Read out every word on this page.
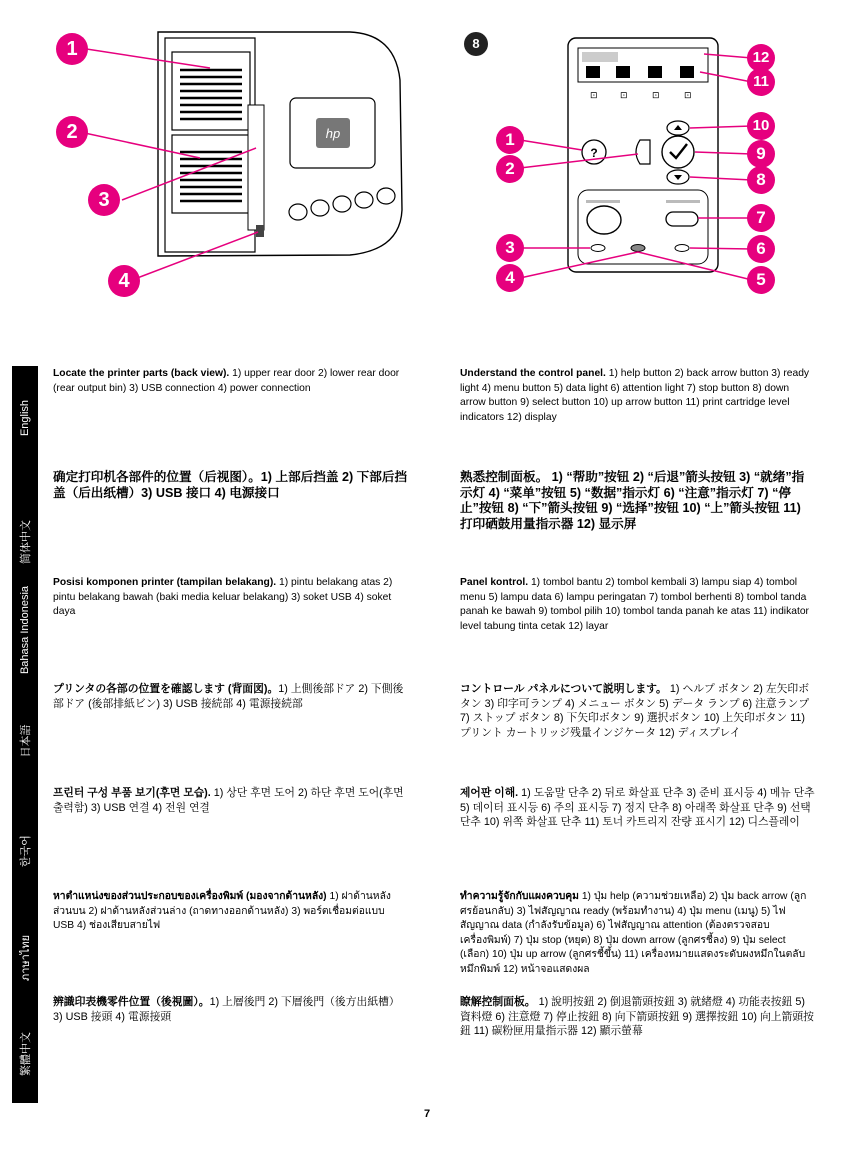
hp
1
2
3
4
8
⊡ ⊡	⊡	⊡
?
1
2
3
4
12
11
10
9
8
7
6
5
English
简体中文
Bahasa Indonesia
日本語
한국어
ภาษาไทย
繁體中文
Locate the printer parts (back view). 1) upper rear door 2) lower rear door (rear output bin) 3) USB connection 4) power connection
Understand the control panel. 1) help button 2) back arrow button 3) ready light 4) menu button 5) data light 6) attention light 7) stop button 8) down arrow button 9) select button 10) up arrow button 11) print cartridge level indicators 12) display
确定打印机各部件的位置（后视图）。1) 上部后挡盖 2) 下部后挡盖（后出纸槽）3) USB 接口 4) 电源接口
熟悉控制面板。 1) “帮助”按钮 2) “后退”箭头按钮 3) “就绪”指示灯 4) “菜单”按钮 5) “数据”指示灯 6) “注意”指示灯 7) “停止”按钮 8) “下”箭头按钮 9) “选择”按钮 10) “上”箭头按钮 11) 打印硒鼓用量指示器 12) 显示屏
Posisi komponen printer (tampilan belakang). 1) pintu belakang atas 2) pintu belakang bawah (baki media keluar belakang) 3) soket USB 4) soket daya
Panel kontrol. 1) tombol bantu 2) tombol kembali 3) lampu siap 4) tombol menu 5) lampu data 6) lampu peringatan 7) tombol berhenti 8) tombol tanda panah ke bawah 9) tombol pilih 10) tombol tanda panah ke atas 11) indikator level tabung tinta cetak 12) layar
プリンタの各部の位置を確認します (背面図)。1) 上側後部ドア 2) 下側後部ドア (後部排紙ビン) 3) USB 接続部 4) 電源接続部
コントロール パネルについて説明します。 1) ヘルプ ボタン 2) 左矢印ボタン 3) 印字可ランプ 4) メニュー ボタン 5) データ ランプ 6) 注意ランプ 7) ストップ ボタン 8) 下矢印ボタン 9) 選択ボタン 10) 上矢印ボタン 11) プリント カートリッジ残量インジケータ 12) ディスプレイ
프린터 구성 부품 보기(후면 모습). 1) 상단 후면 도어 2) 하단 후면 도어(후면 출력함) 3) USB 연결 4) 전원 연결
제어판 이해. 1) 도움말 단추 2) 뒤로 화살표 단추 3) 준비 표시등 4) 메뉴 단추 5) 데이터 표시등 6) 주의 표시등 7) 정지 단추 8) 아래쪽 화살표 단추 9) 선택 단추 10) 위쪽 화살표 단추 11) 토너 카트리지 잔량 표시기 12) 디스플레이
หาตำแหน่งของส่วนประกอบของเครื่องพิมพ์ (มองจากด้านหลัง) 1) ฝาด้านหลังส่วนบน 2) ฝาด้านหลังส่วนล่าง (ถาดทางออกด้านหลัง) 3) พอร์ตเชื่อมต่อแบบ USB 4) ช่องเสียบสายไฟ
ทำความรู้จักกับแผงควบคุม 1) ปุ่ม help (ความช่วยเหลือ) 2) ปุ่ม back arrow (ลูกศรย้อนกลับ) 3) ไฟสัญญาณ ready (พร้อมทำงาน) 4) ปุ่ม menu (เมนู) 5) ไฟสัญญาณ data (กำลังรับข้อมูล) 6) ไฟสัญญาณ attention (ต้องตรวจสอบเครื่องพิมพ์) 7) ปุ่ม stop (หยุด) 8) ปุ่ม down arrow (ลูกศรชี้ลง) 9) ปุ่ม select (เลือก) 10) ปุ่ม up arrow (ลูกศรชี้ขึ้น) 11) เครื่องหมายแสดงระดับผงหมึกในตลับหมึกพิมพ์ 12) หน้าจอแสดงผล
辨識印表機零件位置（後視圖）。1) 上層後門 2) 下層後門（後方出紙槽）3) USB 接頭 4) 電源接頭
瞭解控制面板。 1) 說明按鈕 2) 倒退箭頭按鈕 3) 就緒燈 4) 功能表按鈕 5) 資料燈 6) 注意燈 7) 停止按鈕 8) 向下箭頭按鈕 9) 選擇按鈕 10) 向上箭頭按鈕 11) 碳粉匣用量指示器 12) 顯示螢幕
7
